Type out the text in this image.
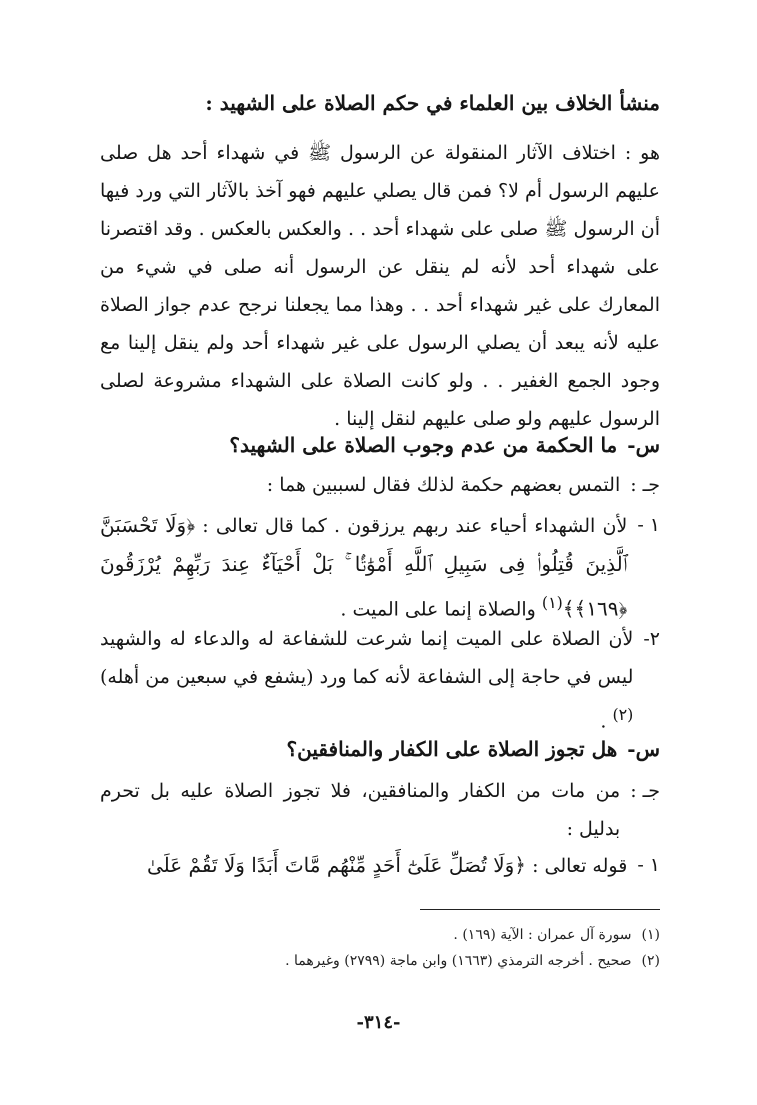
منشأ الخلاف بين العلماء في حكم الصلاة على الشهيد :
هو : اختلاف الآثار المنقولة عن الرسول ﷺ في شهداء أحد هل صلى عليهم الرسول أم لا؟ فمن قال يصلي عليهم فهو آخذ بالآثار التي ورد فيها أن الرسول ﷺ صلى على شهداء أحد . . والعكس بالعكس . وقد اقتصرنا على شهداء أحد لأنه لم ينقل عن الرسول أنه صلى في شيء من المعارك على غير شهداء أحد . . وهذا مما يجعلنا نرجح عدم جواز الصلاة عليه لأنه يبعد أن يصلي الرسول على غير شهداء أحد ولم ينقل إلينا مع وجود الجمع الغفير . . ولو كانت الصلاة على الشهداء مشروعة لصلى الرسول عليهم ولو صلى عليهم لنقل إلينا .
س-
ما الحكمة من عدم وجوب الصلاة على الشهيد؟
جـ :
التمس بعضهم حكمة لذلك فقال لسببين هما :
١ -
لأن الشهداء أحياء عند ربهم يرزقون . كما قال تعالى : ﴿وَلَا تَحْسَبَنَّ ٱلَّذِينَ قُتِلُوا۟ فِى سَبِيلِ ٱللَّهِ أَمْوَٰتًۢا ۚ بَلْ أَحْيَآءٌ عِندَ رَبِّهِمْ يُرْزَقُونَ ﴿١٦٩﴾﴾$^{(١)}$ والصلاة إنما على الميت .
٢-
لأن الصلاة على الميت إنما شرعت للشفاعة له والدعاء له والشهيد ليس في حاجة إلى الشفاعة لأنه كما ورد (يشفع في سبعين من أهله)$^{(٢)}$ .
س-
هل تجوز الصلاة على الكفار والمنافقين؟
جـ :
من مات من الكفار والمنافقين، فلا تجوز الصلاة عليه بل تحرم بدليل :
١ -
قوله تعالى : ﴿وَلَا تُصَلِّ عَلَىٰٓ أَحَدٍ مِّنْهُم مَّاتَ أَبَدًا وَلَا تَقُمْ عَلَىٰ
(١)سورة آل عمران : الآية (١٦٩) .
(٢)صحيح . أخرجه الترمذي (١٦٦٣) وابن ماجة (٢٧٩٩) وغيرهما .
-٣١٤-
